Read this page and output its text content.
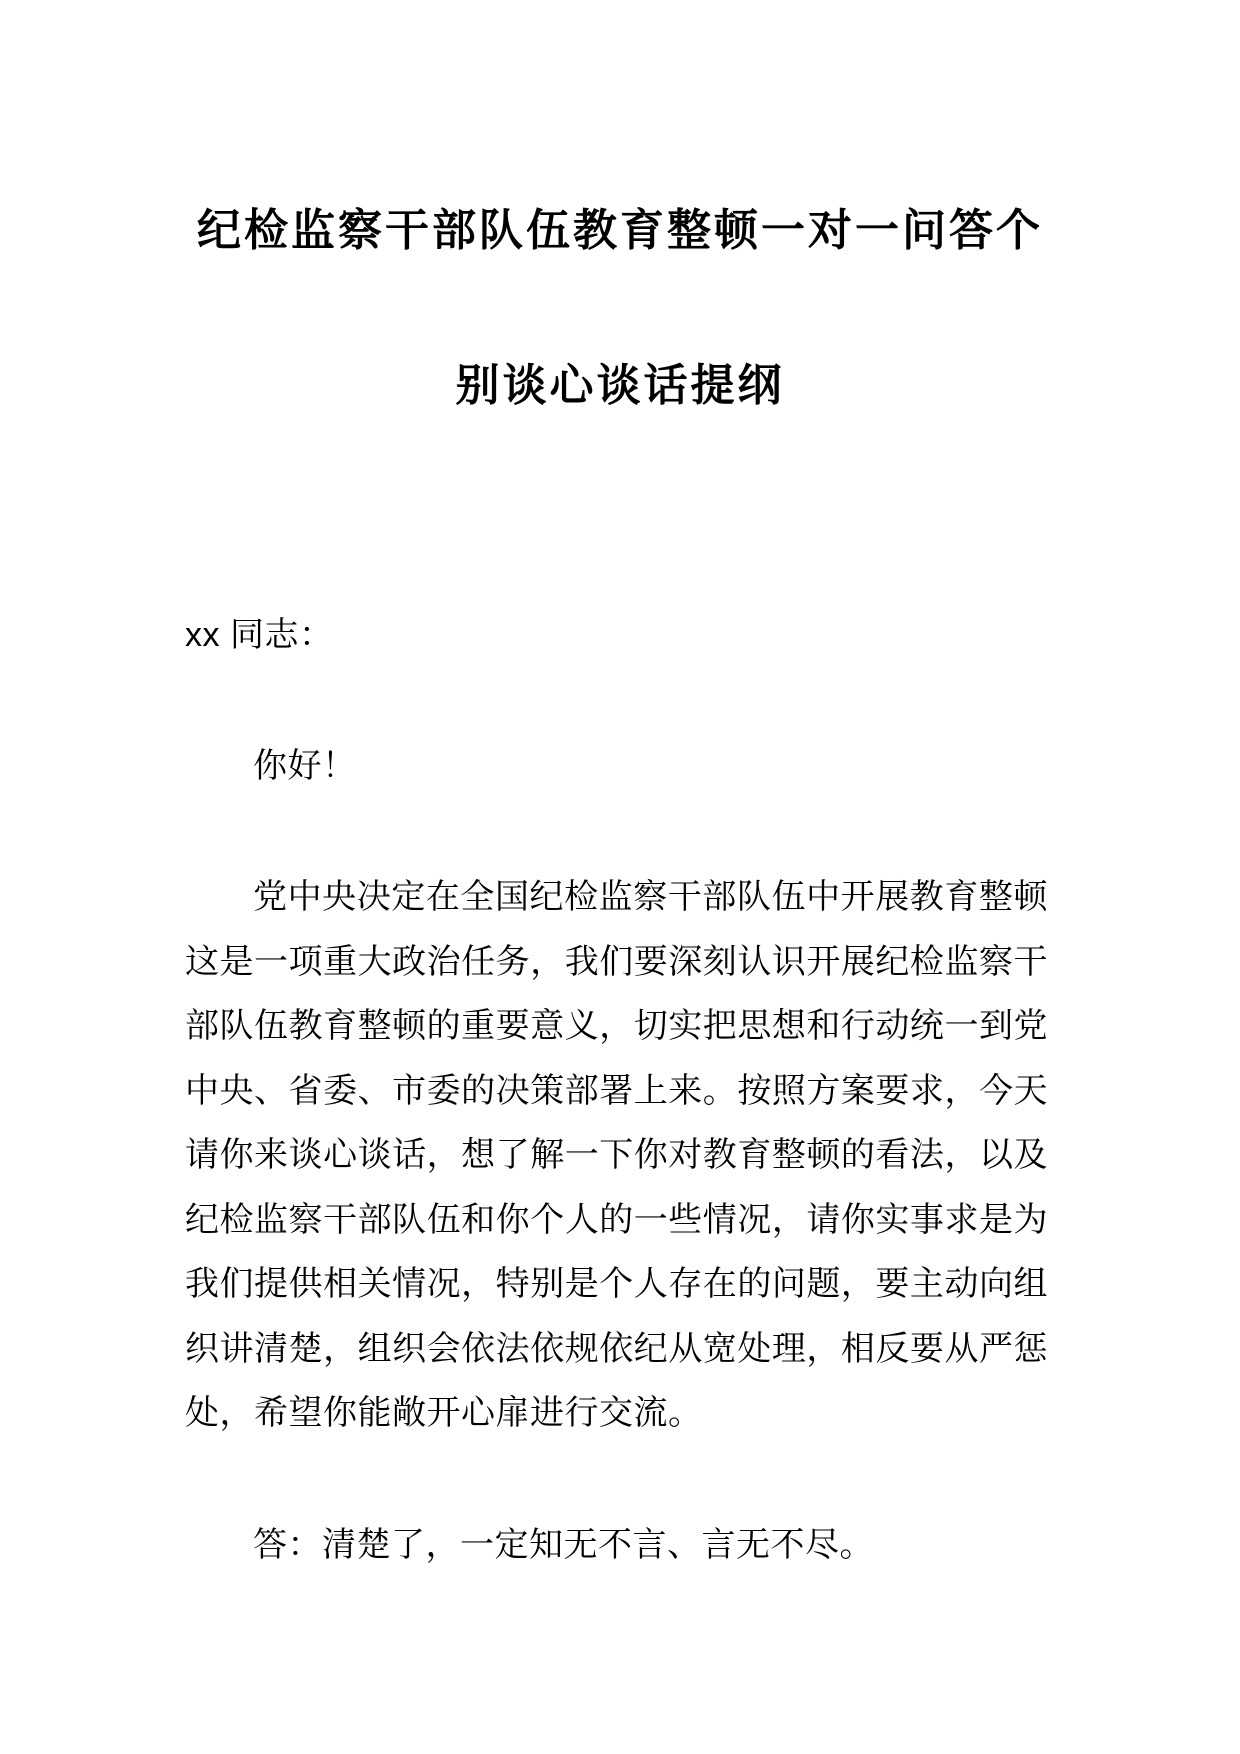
纪检监察干部队伍教育整顿一对一问答个
别谈心谈话提纲

xx 同志：

你好！

党中央决定在全国纪检监察干部队伍中开展教育整顿这是一项重大政治任务，我们要深刻认识开展纪检监察干部队伍教育整顿的重要意义，切实把思想和行动统一到党中央、省委、市委的决策部署上来。按照方案要求，今天请你来谈心谈话，想了解一下你对教育整顿的看法，以及纪检监察干部队伍和你个人的一些情况，请你实事求是为我们提供相关情况，特别是个人存在的问题，要主动向组织讲清楚，组织会依法依规依纪从宽处理，相反要从严惩处，希望你能敞开心扉进行交流。

答：清楚了，一定知无不言、言无不尽。
